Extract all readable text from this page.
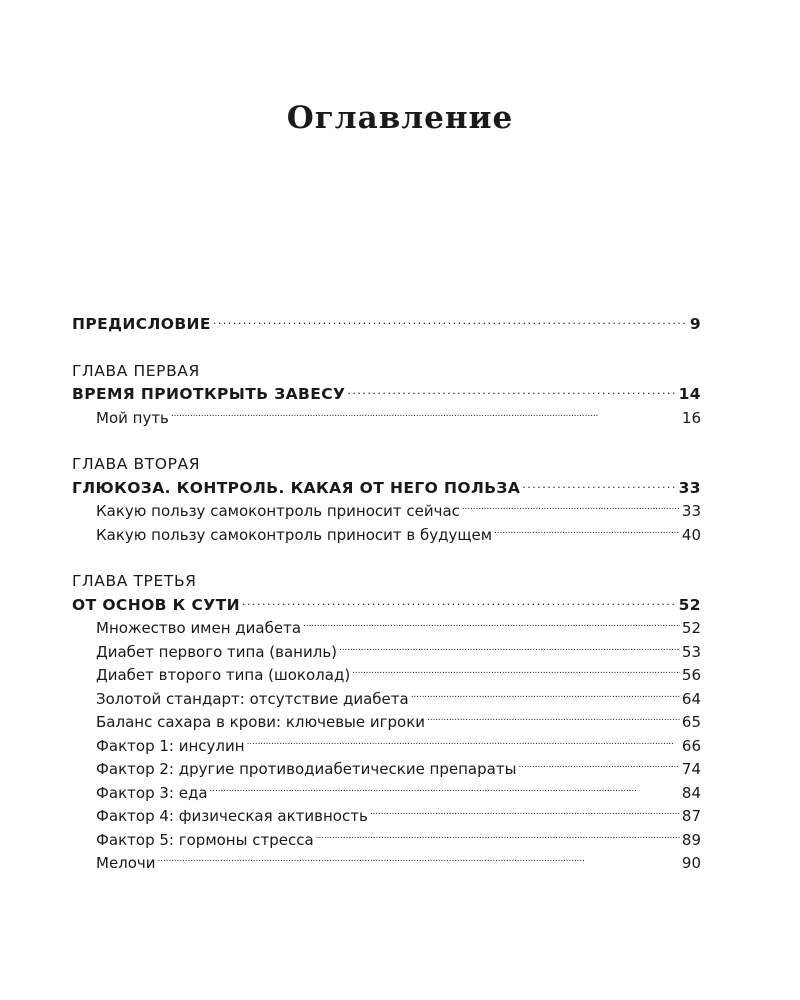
Оглавление
ПРЕДИСЛОВИЕ . . .	9
ГЛАВА ПЕРВАЯ
ВРЕМЯ ПРИОТКРЫТЬ ЗАВЕСУ . . .	14
Мой путь . . .	16
ГЛАВА ВТОРАЯ
ГЛЮКОЗА. КОНТРОЛЬ. КАКАЯ ОТ НЕГО ПОЛЬЗА . . .	33
Какую пользу самоконтроль приносит сейчас . . .	33
Какую пользу самоконтроль приносит в будущем . . .	40
ГЛАВА ТРЕТЬЯ
ОТ ОСНОВ К СУТИ . . .	52
Множество имен диабета . . .	52
Диабет первого типа (ваниль) . . .	53
Диабет второго типа (шоколад) . . .	56
Золотой стандарт: отсутствие диабета . . .	64
Баланс сахара в крови: ключевые игроки . . .	65
Фактор 1: инсулин . . .	66
Фактор 2: другие противодиабетические препараты . . .	74
Фактор 3: еда . . .	84
Фактор 4: физическая активность . . .	87
Фактор 5: гормоны стресса . . .	89
Мелочи . . .	90
